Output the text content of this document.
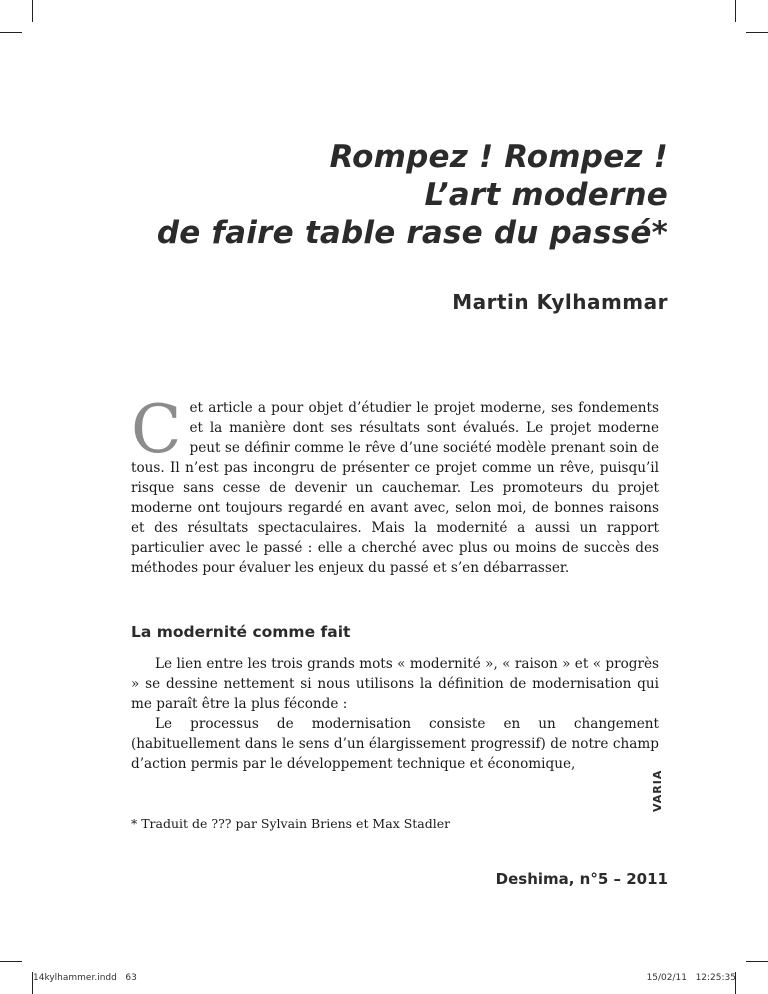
Rompez ! Rompez !
L’art moderne
de faire table rase du passé*
Martin Kylhammar
Cet article a pour objet d’étudier le projet moderne, ses fondements et la manière dont ses résultats sont évalués. Le projet moderne peut se définir comme le rêve d’une société modèle prenant soin de tous. Il n’est pas incongru de présenter ce projet comme un rêve, puisqu’il risque sans cesse de devenir un cauchemar. Les promoteurs du projet moderne ont toujours regardé en avant avec, selon moi, de bonnes raisons et des résultats spectaculaires. Mais la modernité a aussi un rapport particulier avec le passé : elle a cherché avec plus ou moins de succès des méthodes pour évaluer les enjeux du passé et s’en débarrasser.
La modernité comme fait

Le lien entre les trois grands mots « modernité », « raison » et « progrès » se dessine nettement si nous utilisons la définition de modernisation qui me paraît être la plus féconde :

Le processus de modernisation consiste en un changement (habituellement dans le sens d’un élargissement progressif) de notre champ d’action permis par le développement technique et économique,

* Traduit de ??? par Sylvain Briens et Max Stadler
VARIA
Deshima, n°5 – 2011
14kylhammer.indd   63	15/02/11   12:25:35
